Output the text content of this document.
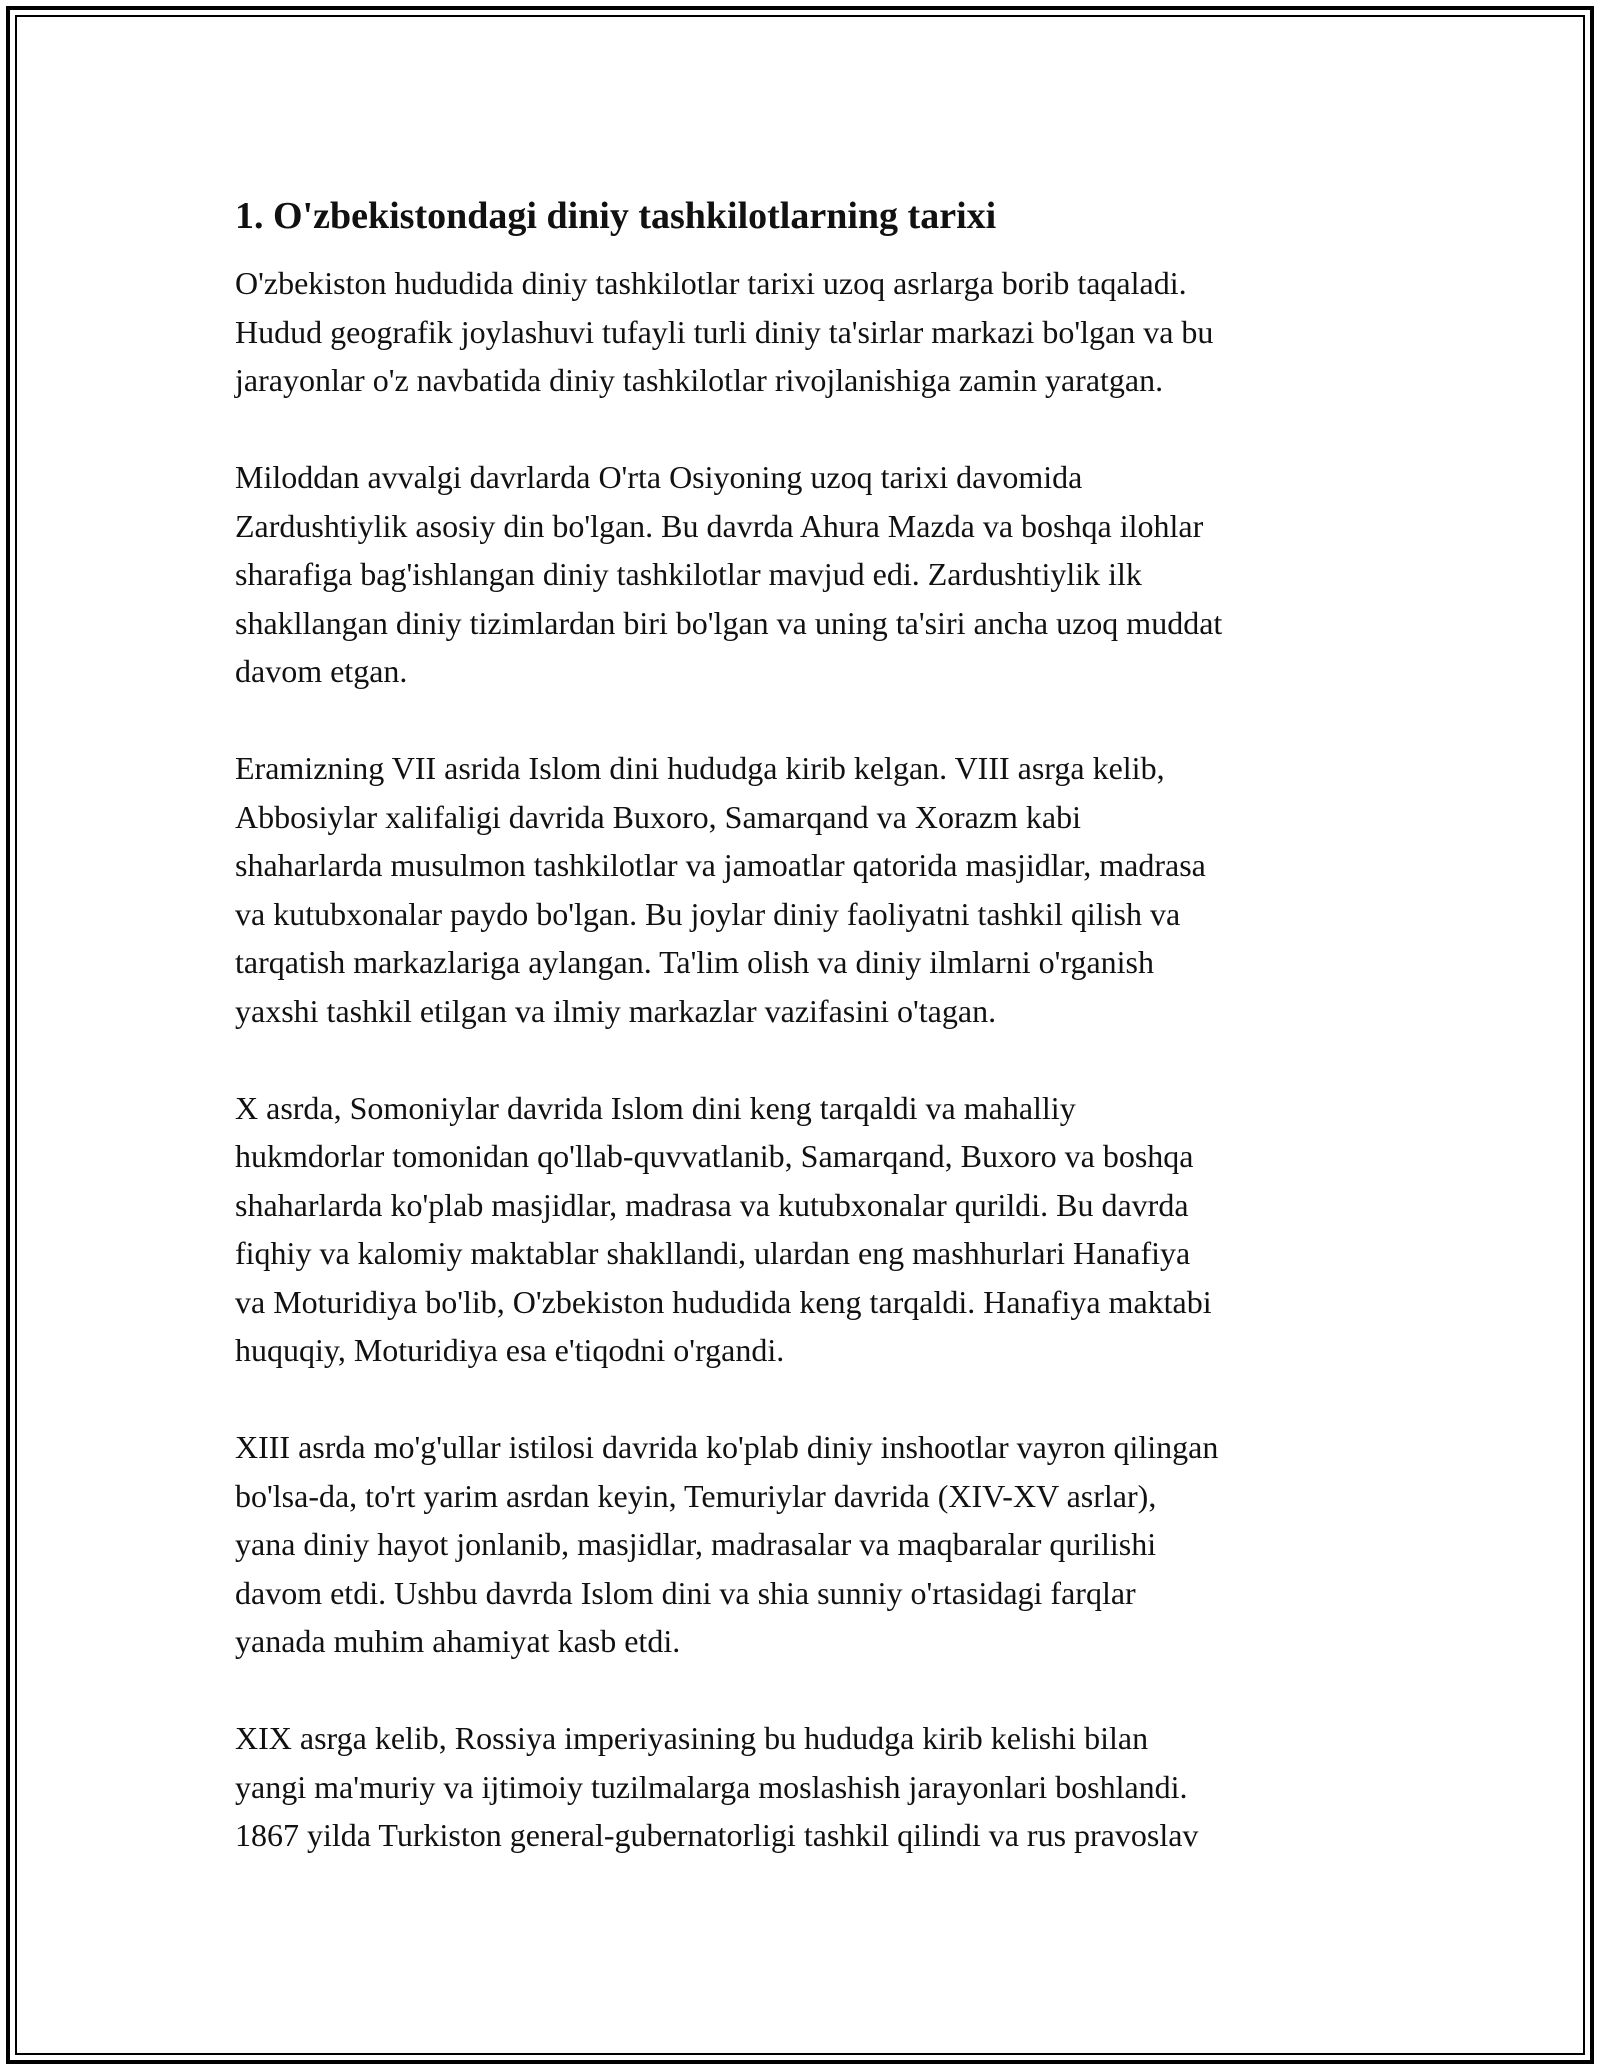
1. O'zbekistondagi diniy tashkilotlarning tarixi

O'zbekiston hududida diniy tashkilotlar tarixi uzoq asrlarga borib taqaladi.
Hudud geografik joylashuvi tufayli turli diniy ta'sirlar markazi bo'lgan va bu
jarayonlar o'z navbatida diniy tashkilotlar rivojlanishiga zamin yaratgan.

Miloddan avvalgi davrlarda O'rta Osiyoning uzoq tarixi davomida
Zardushtiylik asosiy din bo'lgan. Bu davrda Ahura Mazda va boshqa ilohlar
sharafiga bag'ishlangan diniy tashkilotlar mavjud edi. Zardushtiylik ilk
shakllangan diniy tizimlardan biri bo'lgan va uning ta'siri ancha uzoq muddat
davom etgan.

Eramizning VII asrida Islom dini hududga kirib kelgan. VIII asrga kelib,
Abbosiylar xalifaligi davrida Buxoro, Samarqand va Xorazm kabi
shaharlarda musulmon tashkilotlar va jamoatlar qatorida masjidlar, madrasa
va kutubxonalar paydo bo'lgan. Bu joylar diniy faoliyatni tashkil qilish va
tarqatish markazlariga aylangan. Ta'lim olish va diniy ilmlarni o'rganish
yaxshi tashkil etilgan va ilmiy markazlar vazifasini o'tagan.

X asrda, Somoniylar davrida Islom dini keng tarqaldi va mahalliy
hukmdorlar tomonidan qo'llab-quvvatlanib, Samarqand, Buxoro va boshqa
shaharlarda ko'plab masjidlar, madrasa va kutubxonalar qurildi. Bu davrda
fiqhiy va kalomiy maktablar shakllandi, ulardan eng mashhurlari Hanafiya
va Moturidiya bo'lib, O'zbekiston hududida keng tarqaldi. Hanafiya maktabi
huquqiy, Moturidiya esa e'tiqodni o'rgandi.

XIII asrda mo'g'ullar istilosi davrida ko'plab diniy inshootlar vayron qilingan
bo'lsa-da, to'rt yarim asrdan keyin, Temuriylar davrida (XIV-XV asrlar),
yana diniy hayot jonlanib, masjidlar, madrasalar va maqbaralar qurilishi
davom etdi. Ushbu davrda Islom dini va shia sunniy o'rtasidagi farqlar
yanada muhim ahamiyat kasb etdi.

XIX asrga kelib, Rossiya imperiyasining bu hududga kirib kelishi bilan
yangi ma'muriy va ijtimoiy tuzilmalarga moslashish jarayonlari boshlandi.
1867 yilda Turkiston general-gubernatorligi tashkil qilindi va rus pravoslav
